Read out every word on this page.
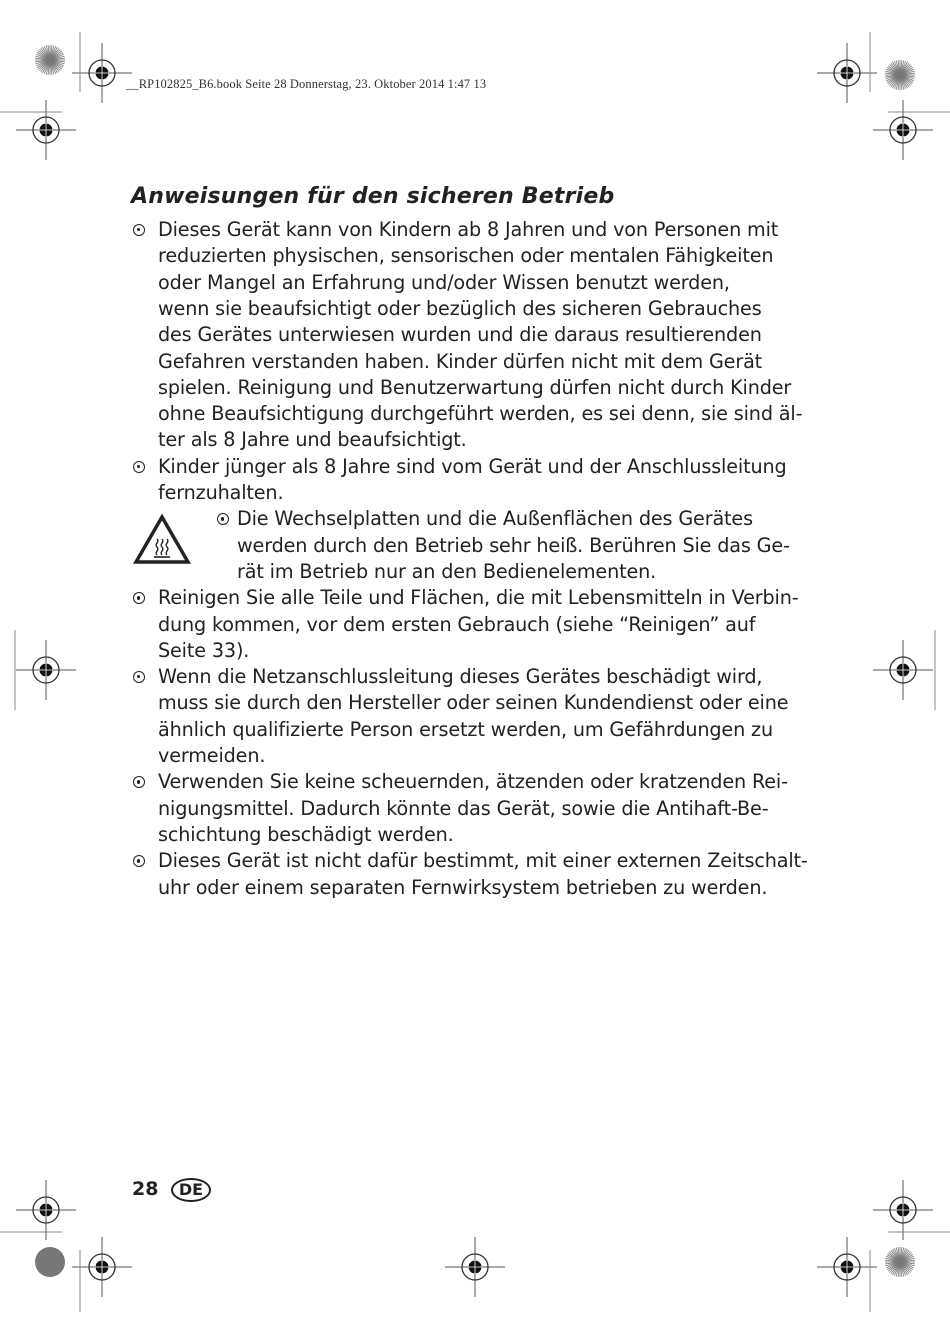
__RP102825_B6.book Seite 28 Donnerstag, 23. Oktober 2014 1:47 13
Anweisungen für den sicheren Betrieb
Dieses Gerät kann von Kindern ab 8 Jahren und von Personen mit
reduzierten physischen, sensorischen oder mentalen Fähigkeiten
oder Mangel an Erfahrung und/oder Wissen benutzt werden,
wenn sie beaufsichtigt oder bezüglich des sicheren Gebrauches
des Gerätes unterwiesen wurden und die daraus resultierenden
Gefahren verstanden haben. Kinder dürfen nicht mit dem Gerät
spielen. Reinigung und Benutzerwartung dürfen nicht durch Kinder
ohne Beaufsichtigung durchgeführt werden, es sei denn, sie sind äl-
ter als 8 Jahre und beaufsichtigt.
Kinder jünger als 8 Jahre sind vom Gerät und der Anschlussleitung
fernzuhalten.
Die Wechselplatten und die Außenflächen des Gerätes
werden durch den Betrieb sehr heiß. Berühren Sie das Ge-
rät im Betrieb nur an den Bedienelementen.
Reinigen Sie alle Teile und Flächen, die mit Lebensmitteln in Verbin-
dung kommen, vor dem ersten Gebrauch (siehe “Reinigen” auf
Seite 33).
Wenn die Netzanschlussleitung dieses Gerätes beschädigt wird,
muss sie durch den Hersteller oder seinen Kundendienst oder eine
ähnlich qualifizierte Person ersetzt werden, um Gefährdungen zu
vermeiden.
Verwenden Sie keine scheuernden, ätzenden oder kratzenden Rei-
nigungsmittel. Dadurch könnte das Gerät, sowie die Antihaft-Be-
schichtung beschädigt werden.
Dieses Gerät ist nicht dafür bestimmt, mit einer externen Zeitschalt-
uhr oder einem separaten Fernwirksystem betrieben zu werden.
28	DE
